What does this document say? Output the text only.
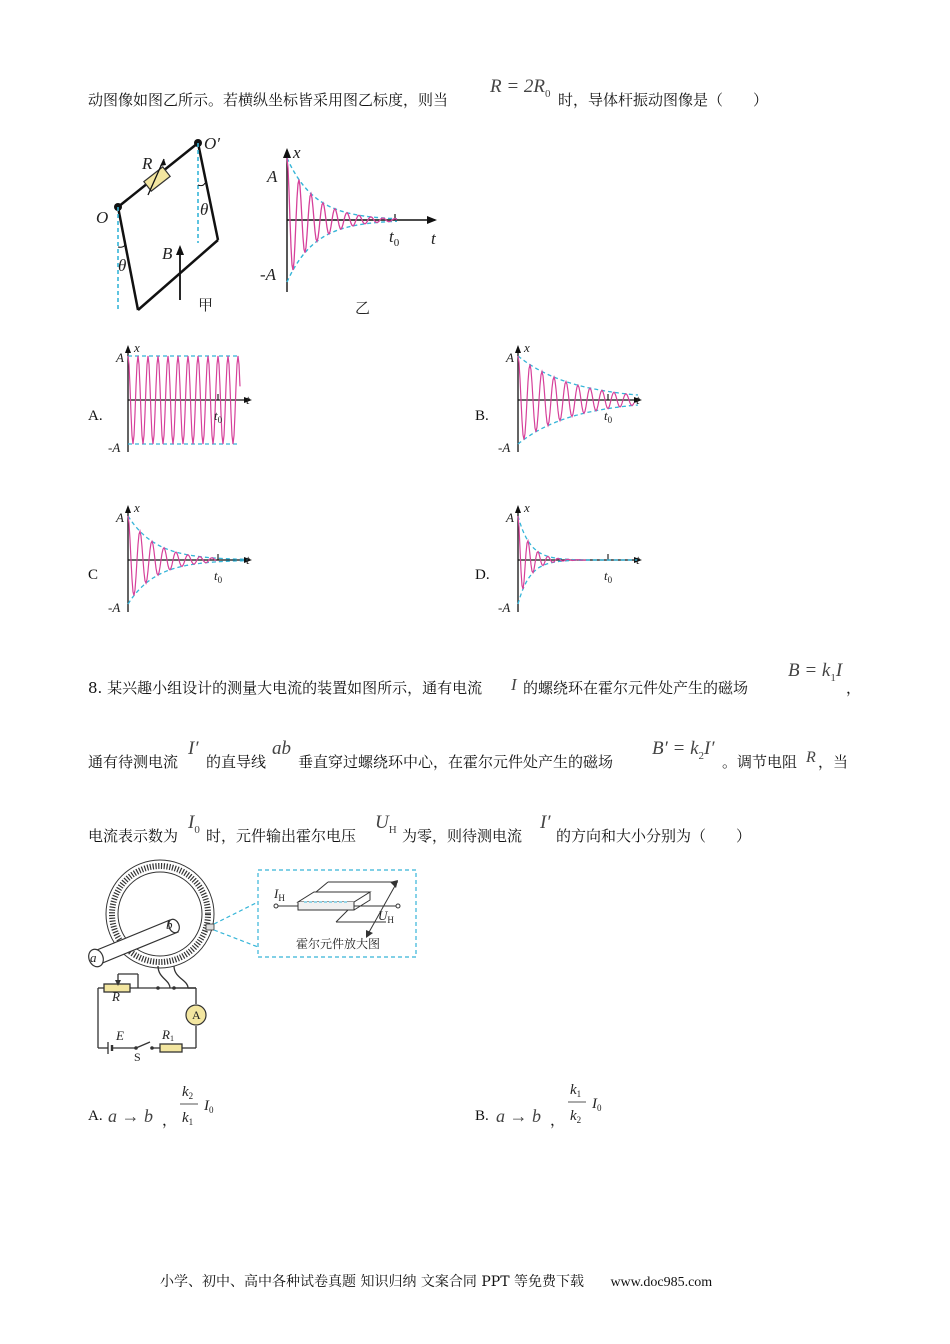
动图像如图乙所示。若横纵坐标皆采用图乙标度，则当
$R = 2R_0$ 时，导体杆振动图像是（　　）
R
O
O′
B
θ
θ
甲
x
A
-A
t
$t_0$
乙
A.	B.
C	D.
x
A
-A
t
$t_0$
x
A
-A
t
$t_0$
x
A
-A
t
$t_0$
x
A
-A
t
$t_0$
8. 某兴趣小组设计的测量大电流的装置如图所示，通有电流 I 的螺绕环在霍尔元件处产生的磁场
$B = k_1I$
，
通有待测电流
I′
的直导线
ab
垂直穿过螺绕环中心，在霍尔元件处产生的磁场
$B' = k_2I'$
。调节电阻 R ，当
电流表示数为
$I_0$ 时，元件输出霍尔电压
$U_H$ 为零，则待测电流
I′
的方向和大小分别为（　　）
a
b
$I_H$
$U_H$
霍尔元件放大图
A
R
E
S
R1
A. a → b ，
$k_2$
$k_1$
$I_0$	B. a → b ，
$k_1$
$k_2$
$I_0$
小学、初中、高中各种试卷真题 知识归纳 文案合同 PPT 等免费下载 www.doc985.com
